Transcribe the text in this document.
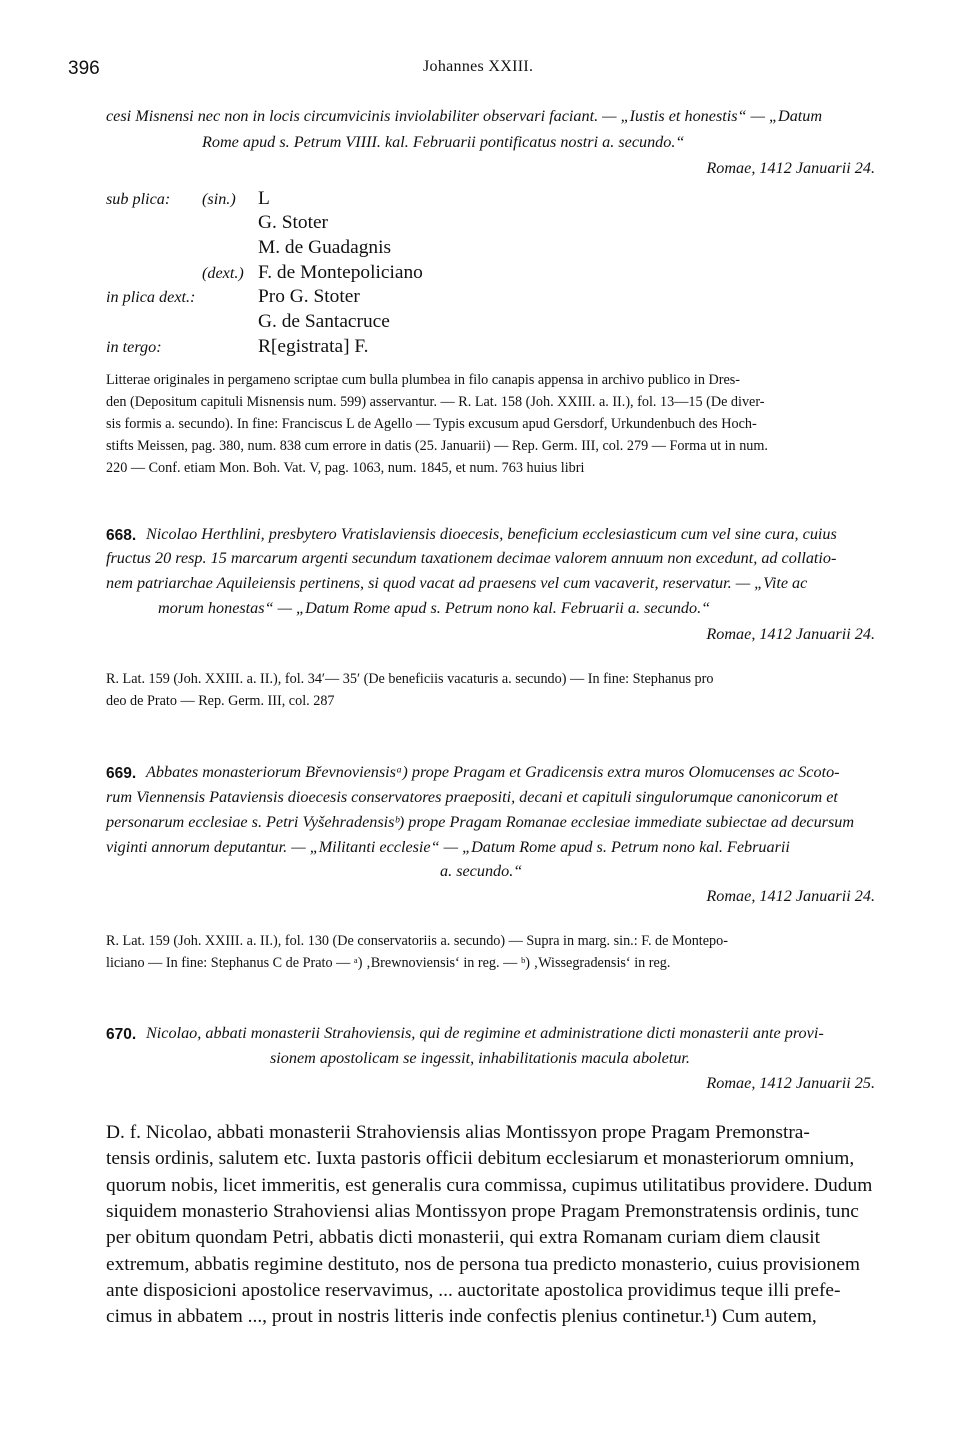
396	Johannes XXIII.
cesi Misnensi nec non in locis circumvicinis inviolabiliter observari faciant. — „Iustis et honestis“ — „Datum
Rome apud s. Petrum VIIII. kal. Februarii pontificatus nostri a. secundo.“
Romae, 1412 Januarii 24.
sub plica: (sin.)
(dext.)
in plica dext.:
in tergo:
L
G. Stoter
M. de Guadagnis
F. de Montepoliciano
Pro G. Stoter
G. de Santacruce
R[egistrata] F.
Litterae originales in pergameno scriptae cum bulla plumbea in filo canapis appensa in archivo publico in Dres-
den (Depositum capituli Misnensis num. 599) asservantur. — R. Lat. 158 (Joh. XXIII. a. II.), fol. 13—15 (De diver-
sis formis a. secundo). In fine: Franciscus L de Agello — Typis excusum apud Gersdorf, Urkundenbuch des Hoch-
stifts Meissen, pag. 380, num. 838 cum errore in datis (25. Januarii) — Rep. Germ. III, col. 279 — Forma ut in num.
220 — Conf. etiam Mon. Boh. Vat. V, pag. 1063, num. 1845, et num. 763 huius libri
668. Nicolao Herthlini, presbytero Vratislaviensis dioecesis, beneficium ecclesiasticum cum vel sine cura, cuius
fructus 20 resp. 15 marcarum argenti secundum taxationem decimae valorem annuum non excedunt, ad collatio-
nem patriarchae Aquileiensis pertinens, si quod vacat ad praesens vel cum vacaverit, reservatur. — „Vite ac
morum honestas“ — „Datum Rome apud s. Petrum nono kal. Februarii a. secundo.“
Romae, 1412 Januarii 24.
R. Lat. 159 (Joh. XXIII. a. II.), fol. 34′— 35′ (De beneficiis vacaturis a. secundo) — In fine: Stephanus pro
deo de Prato — Rep. Germ. III, col. 287
669. Abbates monasteriorum Břevnoviensisᵃ) prope Pragam et Gradicensis extra muros Olomucenses ac Scoto-
rum Viennensis Pataviensis dioecesis conservatores praepositi, decani et capituli singulorumque canonicorum et
personarum ecclesiae s. Petri Vyšehradensisᵇ) prope Pragam Romanae ecclesiae immediate subiectae ad decursum
viginti annorum deputantur. — „Militanti ecclesie“ — „Datum Rome apud s. Petrum nono kal. Februarii
a. secundo.“
Romae, 1412 Januarii 24.
R. Lat. 159 (Joh. XXIII. a. II.), fol. 130 (De conservatoriis a. secundo) — Supra in marg. sin.: F. de Montepo-
liciano — In fine: Stephanus C de Prato — ᵃ) ‚Brewnoviensis‘ in reg. — ᵇ) ‚Wissegradensis‘ in reg.
670. Nicolao, abbati monasterii Strahoviensis, qui de regimine et administratione dicti monasterii ante provi-
sionem apostolicam se ingessit, inhabilitationis macula aboletur.
Romae, 1412 Januarii 25.
D. f. Nicolao, abbati monasterii Strahoviensis alias Montissyon prope Pragam Premonstra-
tensis ordinis, salutem etc. Iuxta pastoris officii debitum ecclesiarum et monasteriorum omnium,
quorum nobis, licet immeritis, est generalis cura commissa, cupimus utilitatibus providere. Dudum
siquidem monasterio Strahoviensi alias Montissyon prope Pragam Premonstratensis ordinis, tunc
per obitum quondam Petri, abbatis dicti monasterii, qui extra Romanam curiam diem clausit
extremum, abbatis regimine destituto, nos de persona tua predicto monasterio, cuius provisionem
ante disposicioni apostolice reservavimus, ... auctoritate apostolica providimus teque illi prefe-
cimus in abbatem ..., prout in nostris litteris inde confectis plenius continetur.¹) Cum autem,
